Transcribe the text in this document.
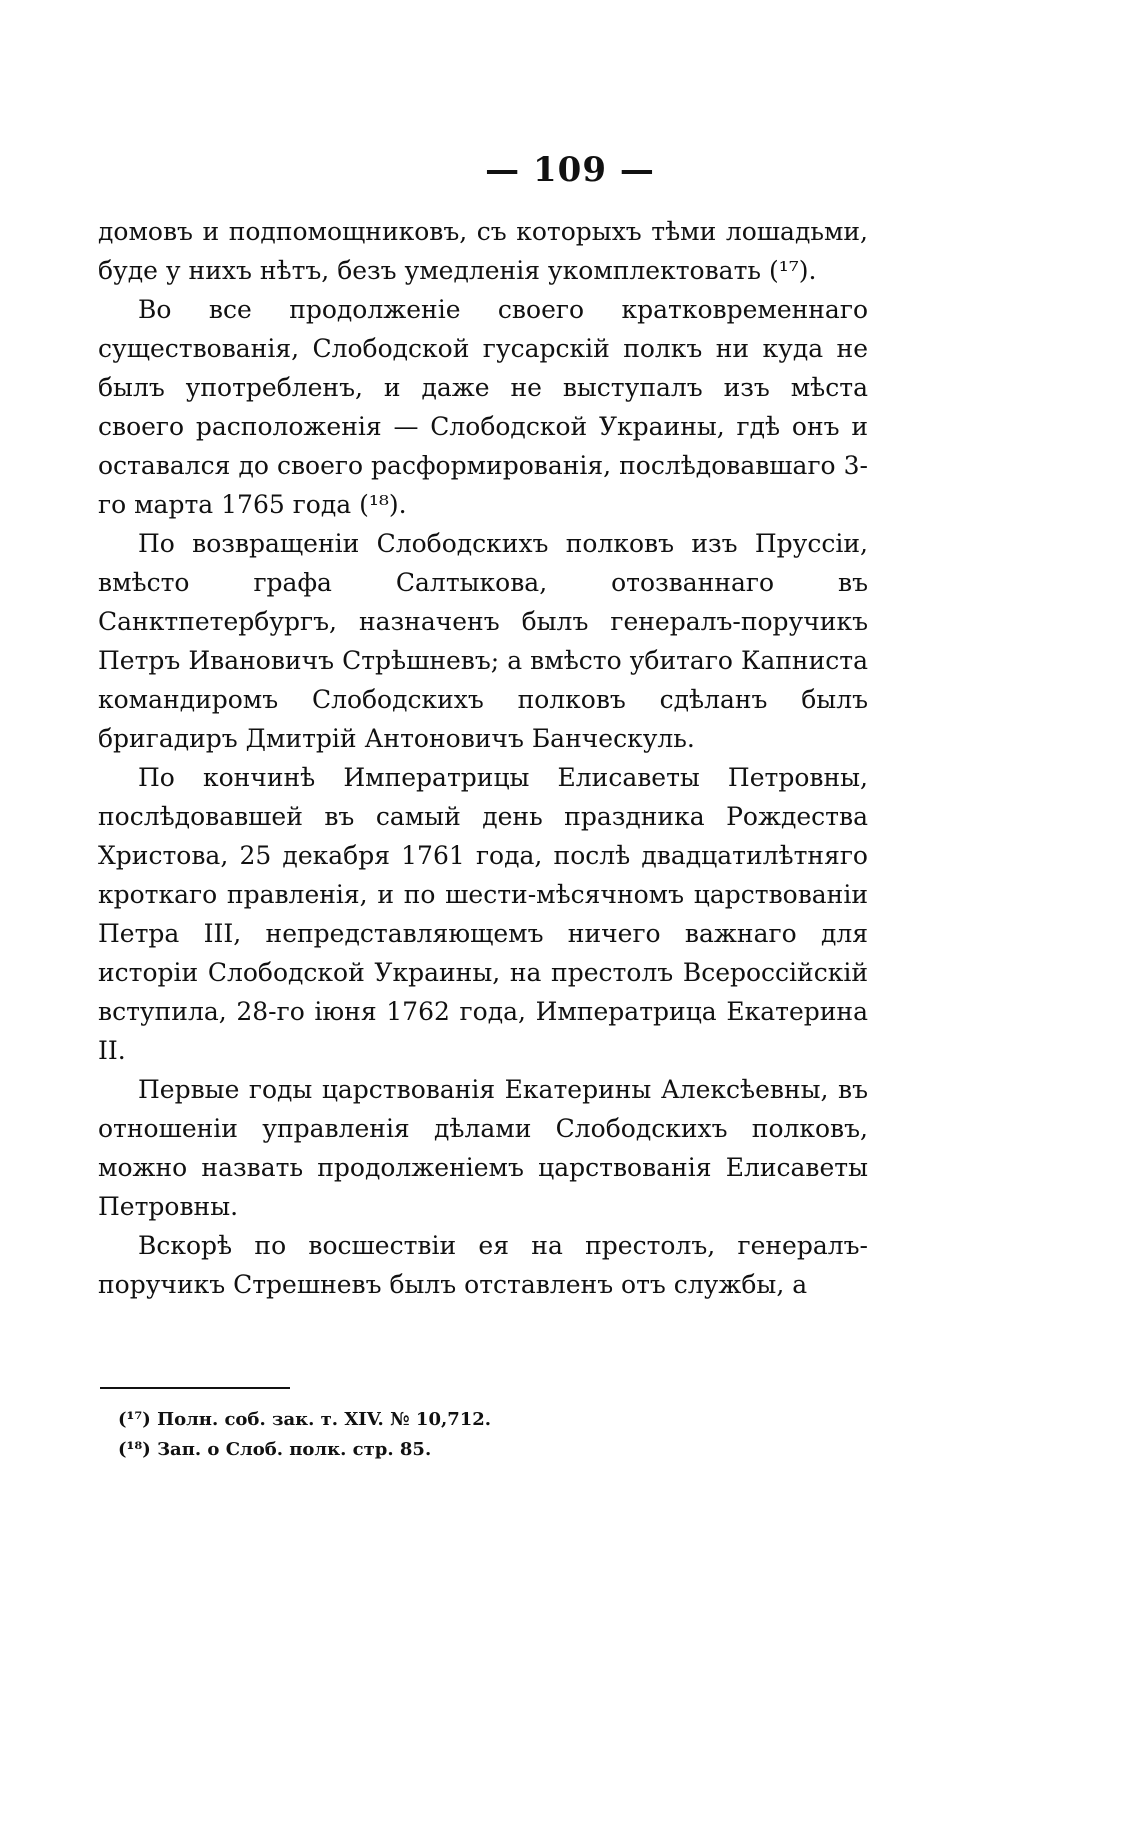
— 109 —

домовъ и подпомощниковъ, съ которыхъ тѣми лошадьми, буде у нихъ нѣтъ, безъ умедленія укомплектовать (¹⁷).

Во все продолженіе своего кратковременнаго существованія, Слободской гусарскій полкъ ни куда не былъ употребленъ, и даже не выступалъ изъ мѣста своего расположенія — Слободской Украины, гдѣ онъ и оставался до своего расформированія, послѣдовавшаго 3-го марта 1765 года (¹⁸).

По возвращеніи Слободскихъ полковъ изъ Пруссіи, вмѣсто графа Салтыкова, отозваннаго въ Санктпетербургъ, назначенъ былъ генералъ-поручикъ Петръ Ивановичъ Стрѣшневъ; а вмѣсто убитаго Капниста командиромъ Слободскихъ полковъ сдѣланъ былъ бригадиръ Дмитрій Антоновичъ Банческуль.

По кончинѣ Императрицы Елисаветы Петровны, послѣдовавшей въ самый день праздника Рождества Христова, 25 декабря 1761 года, послѣ двадцатилѣтняго кроткаго правленія, и по шести-мѣсячномъ царствованіи Петра III, непредставляющемъ ничего важнаго для исторіи Слободской Украины, на престолъ Всероссійскій вступила, 28-го іюня 1762 года, Императрица Екатерина II.

Первые годы царствованія Екатерины Алексѣевны, въ отношеніи управленія дѣлами Слободскихъ полковъ, можно назвать продолженіемъ царствованія Елисаветы Петровны.

Вскорѣ по восшествіи ея на престолъ, генералъ-поручикъ Стрешневъ былъ отставленъ отъ службы, а

(¹⁷) Полн. соб. зак. т. XIV. № 10,712.

(¹⁸) Зап. о Слоб. полк. стр. 85.
